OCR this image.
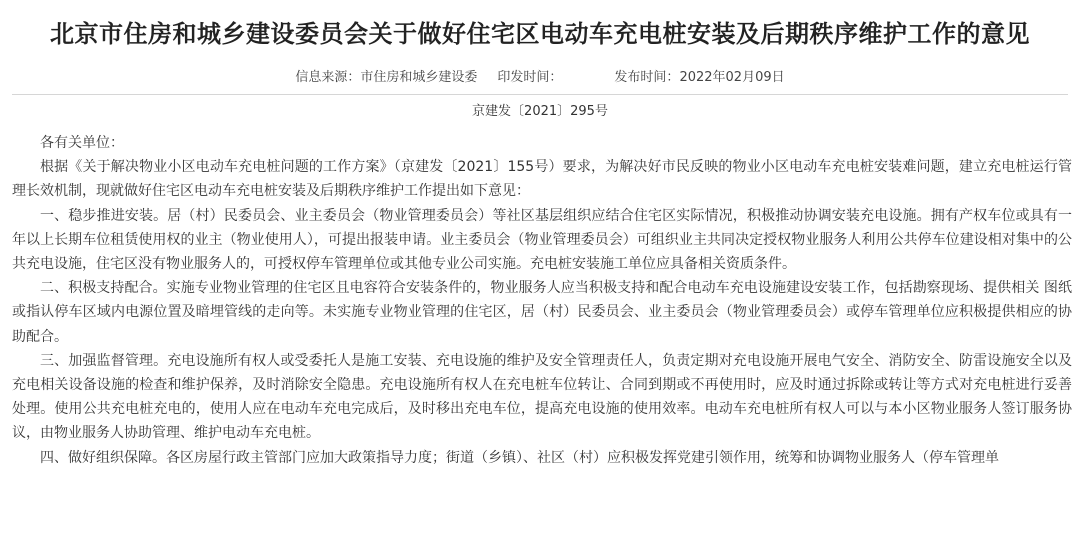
北京市住房和城乡建设委员会关于做好住宅区电动车充电桩安装及后期秩序维护工作的意见
信息来源：市住房和城乡建设委 印发时间：	发布时间：2022年02月09日
京建发〔2021〕295号

各有关单位：

根据《关于解决物业小区电动车充电桩问题的工作方案》（京建发〔2021〕155号）要求，为解决好市民反映的物业小区电动车充电桩安装难问题，建立充电桩运行管理长效机制，现就做好住宅区电动车充电桩安装及后期秩序维护工作提出如下意见：

一、稳步推进安装。居（村）民委员会、业主委员会（物业管理委员会）等社区基层组织应结合住宅区实际情况，积极推动协调安装充电设施。拥有产权车位或具有一年以上长期车位租赁使用权的业主（物业使用人），可提出报装申请。业主委员会（物业管理委员会）可组织业主共同决定授权物业服务人利用公共停车位建设相对集中的公共充电设施，住宅区没有物业服务人的，可授权停车管理单位或其他专业公司实施。充电桩安装施工单位应具备相关资质条件。

二、积极支持配合。实施专业物业管理的住宅区且电容符合安装条件的，物业服务人应当积极支持和配合电动车充电设施建设安装工作，包括勘察现场、提供相关 图纸或指认停车区域内电源位置及暗埋管线的走向等。未实施专业物业管理的住宅区，居（村）民委员会、业主委员会（物业管理委员会）或停车管理单位应积极提供相应的协助配合。

三、加强监督管理。充电设施所有权人或受委托人是施工安装、充电设施的维护及安全管理责任人，负责定期对充电设施开展电气安全、消防安全、防雷设施安全以及充电相关设备设施的检查和维护保养，及时消除安全隐患。充电设施所有权人在充电桩车位转让、合同到期或不再使用时，应及时通过拆除或转让等方式对充电桩进行妥善处理。使用公共充电桩充电的，使用人应在电动车充电完成后，及时移出充电车位，提高充电设施的使用效率。电动车充电桩所有权人可以与本小区物业服务人签订服务协议，由物业服务人协助管理、维护电动车充电桩。

四、做好组织保障。各区房屋行政主管部门应加大政策指导力度；街道（乡镇）、社区（村）应积极发挥党建引领作用，统筹和协调物业服务人（停车管理单
